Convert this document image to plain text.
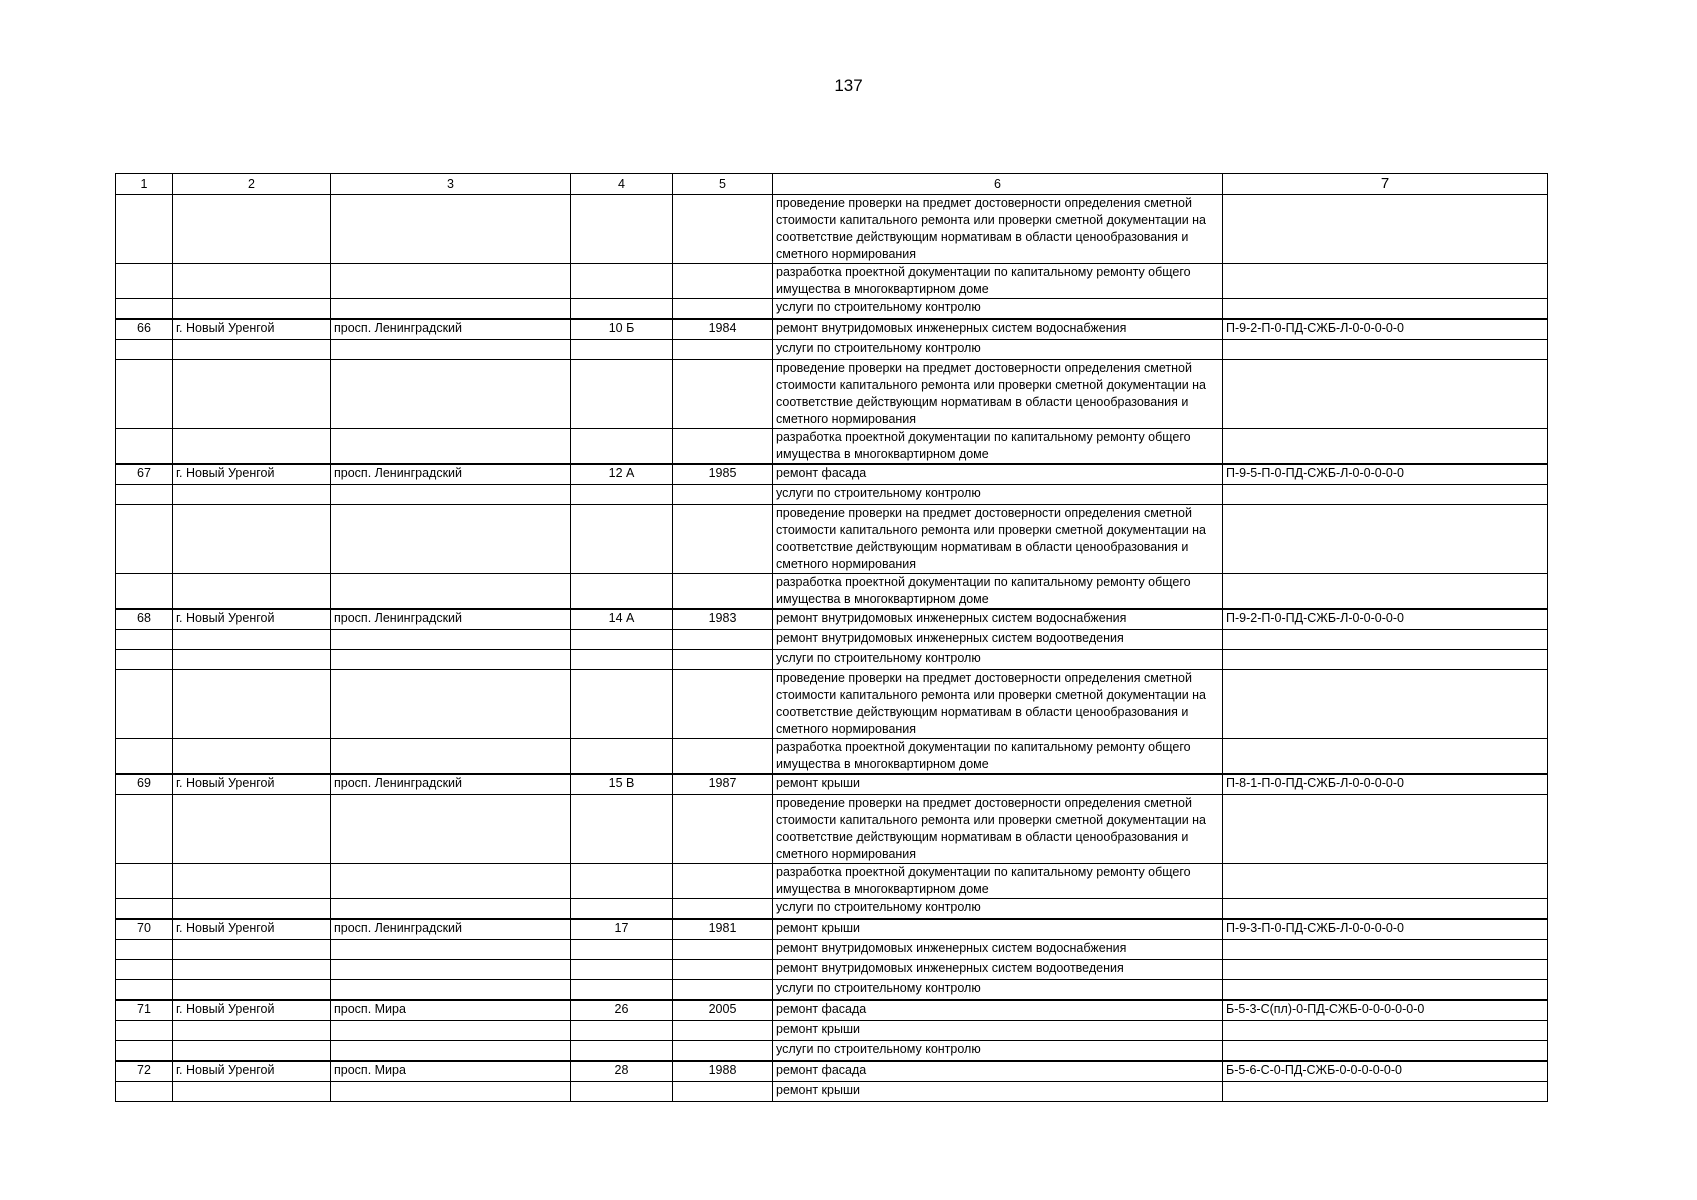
137
1	2	3	4	5	6	7
					проведение проверки на предмет достоверности определения сметной стоимости капитального ремонта или проверки сметной документации на соответствие действующим нормативам в области ценообразования и сметного нормирования	
					разработка проектной документации по капитальному ремонту общего имущества в многоквартирном доме	
					услуги по строительному контролю	
66	г. Новый Уренгой	просп. Ленинградский	10 Б	1984	ремонт внутридомовых инженерных систем водоснабжения	П-9-2-П-0-ПД-СЖБ-Л-0-0-0-0-0
					услуги по строительному контролю	
					проведение проверки на предмет достоверности определения сметной стоимости капитального ремонта или проверки сметной документации на соответствие действующим нормативам в области ценообразования и сметного нормирования	
					разработка проектной документации по капитальному ремонту общего имущества в многоквартирном доме	
67	г. Новый Уренгой	просп. Ленинградский	12 А	1985	ремонт фасада	П-9-5-П-0-ПД-СЖБ-Л-0-0-0-0-0
					услуги по строительному контролю	
					проведение проверки на предмет достоверности определения сметной стоимости капитального ремонта или проверки сметной документации на соответствие действующим нормативам в области ценообразования и сметного нормирования	
					разработка проектной документации по капитальному ремонту общего имущества в многоквартирном доме	
68	г. Новый Уренгой	просп. Ленинградский	14 А	1983	ремонт внутридомовых инженерных систем водоснабжения	П-9-2-П-0-ПД-СЖБ-Л-0-0-0-0-0
					ремонт внутридомовых инженерных систем водоотведения	
					услуги по строительному контролю	
					проведение проверки на предмет достоверности определения сметной стоимости капитального ремонта или проверки сметной документации на соответствие действующим нормативам в области ценообразования и сметного нормирования	
					разработка проектной документации по капитальному ремонту общего имущества в многоквартирном доме	
69	г. Новый Уренгой	просп. Ленинградский	15 В	1987	ремонт крыши	П-8-1-П-0-ПД-СЖБ-Л-0-0-0-0-0
					проведение проверки на предмет достоверности определения сметной стоимости капитального ремонта или проверки сметной документации на соответствие действующим нормативам в области ценообразования и сметного нормирования	
					разработка проектной документации по капитальному ремонту общего имущества в многоквартирном доме	
					услуги по строительному контролю	
70	г. Новый Уренгой	просп. Ленинградский	17	1981	ремонт крыши	П-9-3-П-0-ПД-СЖБ-Л-0-0-0-0-0
					ремонт внутридомовых инженерных систем водоснабжения	
					ремонт внутридомовых инженерных систем водоотведения	
					услуги по строительному контролю	
71	г. Новый Уренгой	просп. Мира	26	2005	ремонт фасада	Б-5-3-С(пл)-0-ПД-СЖБ-0-0-0-0-0-0
					ремонт крыши	
					услуги по строительному контролю	
72	г. Новый Уренгой	просп. Мира	28	1988	ремонт фасада	Б-5-6-С-0-ПД-СЖБ-0-0-0-0-0-0
					ремонт крыши	
